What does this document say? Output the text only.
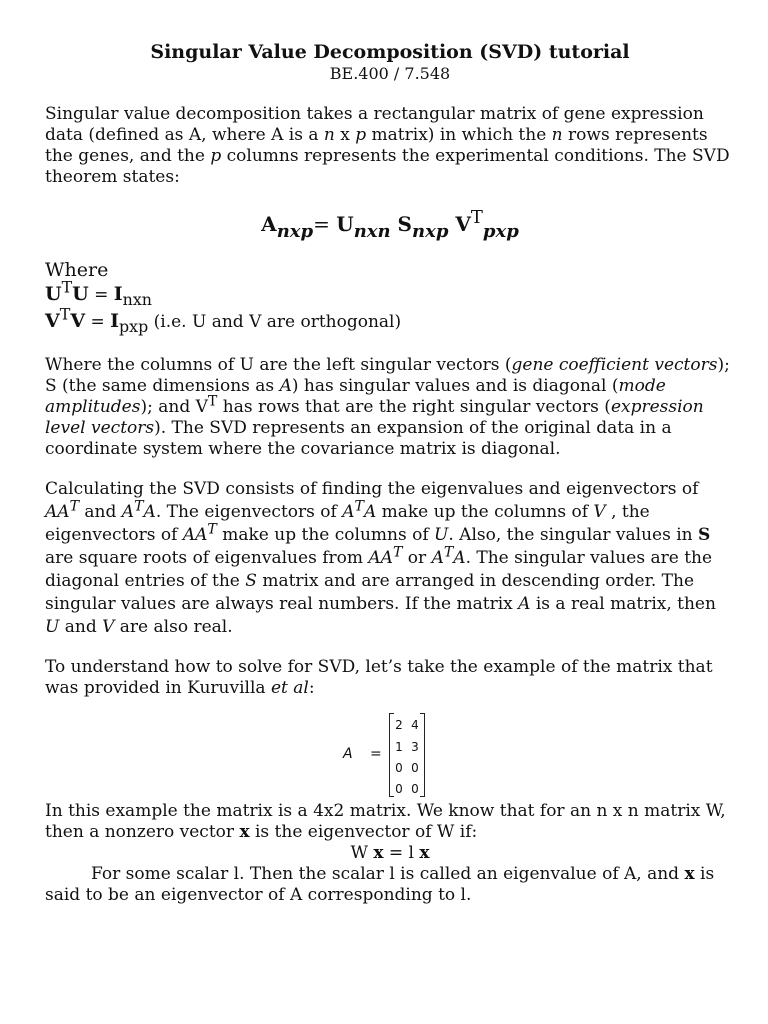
Singular Value Decomposition (SVD) tutorial
BE.400 / 7.548

Singular value decomposition takes a rectangular matrix of gene expression data (defined as A, where A is a n x p matrix) in which the n rows represents the genes, and the p columns represents the experimental conditions. The SVD theorem states:

$A_{nxp}= U_{nxn}$ $S_{nxp}$ $V^T_{pxp}$
Where
$U^TU = I_{nxn}$
$V^TV = I_{pxp}$ (i.e. U and V are orthogonal)

Where the columns of U are the left singular vectors (gene coefficient vectors); S (the same dimensions as A) has singular values and is diagonal (mode amplitudes); and $V^T$ has rows that are the right singular vectors (expression level vectors). The SVD represents an expansion of the original data in a coordinate system where the covariance matrix is diagonal.

Calculating the SVD consists of finding the eigenvalues and eigenvectors of $AA^T$ and $A^TA$. The eigenvectors of $A^TA$ make up the columns of V , the eigenvectors of $AA^T$ make up the columns of U. Also, the singular values in S are square roots of eigenvalues from $AA^T$ or $A^TA$. The singular values are the diagonal entries of the S matrix and are arranged in descending order. The singular values are always real numbers. If the matrix A is a real matrix, then U and V are also real.

To understand how to solve for SVD, let’s take the example of the matrix that was provided in Kuruvilla et al:

A =
2 4
1 3
0 0
0 0

In this example the matrix is a 4x2 matrix. We know that for an n x n matrix W, then a nonzero vector x is the eigenvector of W if:

W x = l x

For some scalar l. Then the scalar l is called an eigenvalue of A, and x is said to be an eigenvector of A corresponding to l.
